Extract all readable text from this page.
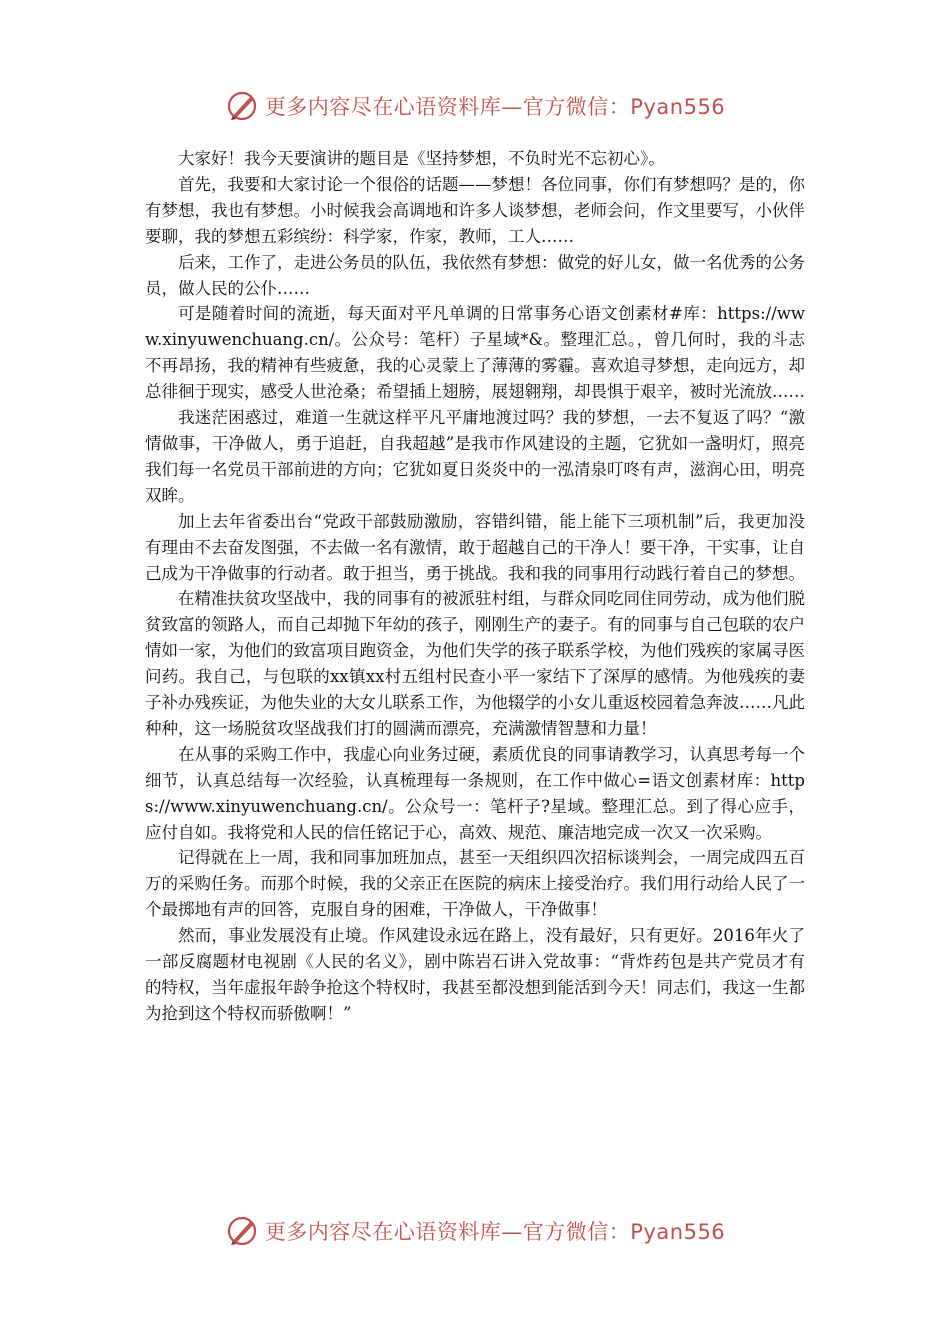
更多内容尽在心语资料库—官方微信：Pyan556

大家好！我今天要演讲的题目是《坚持梦想，不负时光不忘初心》。

首先，我要和大家讨论一个很俗的话题——梦想！各位同事，你们有梦想吗？是的，你有梦想，我也有梦想。小时候我会高调地和许多人谈梦想，老师会问，作文里要写，小伙伴要聊，我的梦想五彩缤纷：科学家，作家，教师，工人……

后来，工作了，走进公务员的队伍，我依然有梦想：做党的好儿女，做一名优秀的公务员，做人民的公仆……

可是随着时间的流逝，每天面对平凡单调的日常事务心语文创素材#库：https://www.xinyuwenchuang.cn/。公众号：笔杆）子星域*&。整理汇总。，曾几何时，我的斗志不再昂扬，我的精神有些疲惫，我的心灵蒙上了薄薄的雾霾。喜欢追寻梦想，走向远方，却总徘徊于现实，感受人世沧桑；希望插上翅膀，展翅翱翔，却畏惧于艰辛，被时光流放……

我迷茫困惑过，难道一生就这样平凡平庸地渡过吗？我的梦想，一去不复返了吗？“激情做事，干净做人，勇于追赶，自我超越”是我市作风建设的主题，它犹如一盏明灯，照亮我们每一名党员干部前进的方向；它犹如夏日炎炎中的一泓清泉叮咚有声，滋润心田，明亮双眸。

加上去年省委出台“党政干部鼓励激励，容错纠错，能上能下三项机制”后，我更加没有理由不去奋发图强，不去做一名有激情，敢于超越自己的干净人！要干净，干实事，让自己成为干净做事的行动者。敢于担当，勇于挑战。我和我的同事用行动践行着自己的梦想。

在精准扶贫攻坚战中，我的同事有的被派驻村组，与群众同吃同住同劳动，成为他们脱贫致富的领路人，而自己却抛下年幼的孩子，刚刚生产的妻子。有的同事与自己包联的农户情如一家，为他们的致富项目跑资金，为他们失学的孩子联系学校，为他们残疾的家属寻医问药。我自己，与包联的xx镇xx村五组村民查小平一家结下了深厚的感情。为他残疾的妻子补办残疾证，为他失业的大女儿联系工作，为他辍学的小女儿重返校园着急奔波……凡此种种，这一场脱贫攻坚战我们打的圆满而漂亮，充满激情智慧和力量！

在从事的采购工作中，我虚心向业务过硬，素质优良的同事请教学习，认真思考每一个细节，认真总结每一次经验，认真梳理每一条规则，在工作中做心=语文创素材库：https://www.xinyuwenchuang.cn/。公众号一：笔杆子?星域。整理汇总。到了得心应手，应付自如。我将党和人民的信任铭记于心，高效、规范、廉洁地完成一次又一次采购。

记得就在上一周，我和同事加班加点，甚至一天组织四次招标谈判会，一周完成四五百万的采购任务。而那个时候，我的父亲正在医院的病床上接受治疗。我们用行动给人民了一个最掷地有声的回答，克服自身的困难，干净做人，干净做事！

然而，事业发展没有止境。作风建设永远在路上，没有最好，只有更好。2016年火了一部反腐题材电视剧《人民的名义》，剧中陈岩石讲入党故事：“背炸药包是共产党员才有的特权，当年虚报年龄争抢这个特权时，我甚至都没想到能活到今天！同志们，我这一生都为抢到这个特权而骄傲啊！”

更多内容尽在心语资料库—官方微信：Pyan556
